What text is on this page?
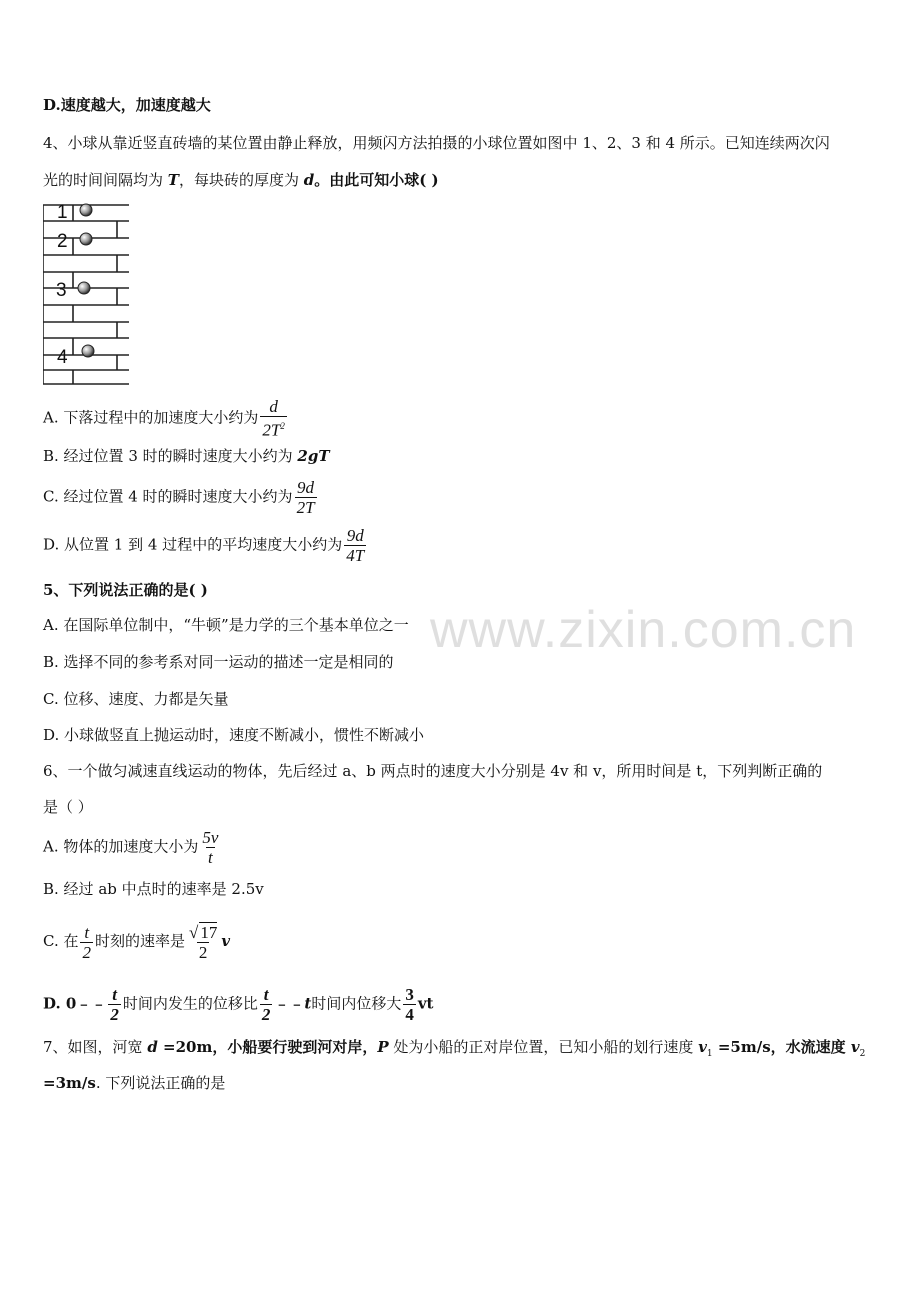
D.速度越大，加速度越大
4、小球从靠近竖直砖墙的某位置由静止释放，用频闪方法拍摄的小球位置如图中 1、2、3 和 4 所示。已知连续两次闪
光的时间间隔均为 T，每块砖的厚度为 d。由此可知小球( )
1
2
3
4
A. 下落过程中的加速度大小约为 $\frac{d}{2T^2}$
B. 经过位置 3 时的瞬时速度大小约为 2gT
C. 经过位置 4 时的瞬时速度大小约为 $\frac{9d}{2T}$
D. 从位置 1 到 4 过程中的平均速度大小约为 $\frac{9d}{4T}$
5、下列说法正确的是( )
A. 在国际单位制中，“牛顿”是力学的三个基本单位之一
B. 选择不同的参考系对同一运动的描述一定是相同的
C. 位移、速度、力都是矢量
D. 小球做竖直上抛运动时，速度不断减小，惯性不断减小
6、一个做匀减速直线运动的物体，先后经过 a、b 两点时的速度大小分别是 4v 和 v，所用时间是 t，下列判断正确的
是（ ）
A. 物体的加速度大小为 $\frac{5v}{t}$
B. 经过 ab 中点时的速率是 2.5v
C. 在 $\frac{t}{2}$ 时刻的速率是 $\frac{√ 17}{2}$ v
D. 0﹣﹣ $\frac{t}{2}$ 时间内发生的位移比 $\frac{t}{2}$ ﹣﹣t时间内位移大 $\frac{3}{4}$ vt
7、如图，河宽 d =20m，小船要行驶到河对岸，P 处为小船的正对岸位置，已知小船的划行速度 $v_1 =5m/s$，水流速度 $v_2$
=3m/s. 下列说法正确的是
www.zixin.com.cn
